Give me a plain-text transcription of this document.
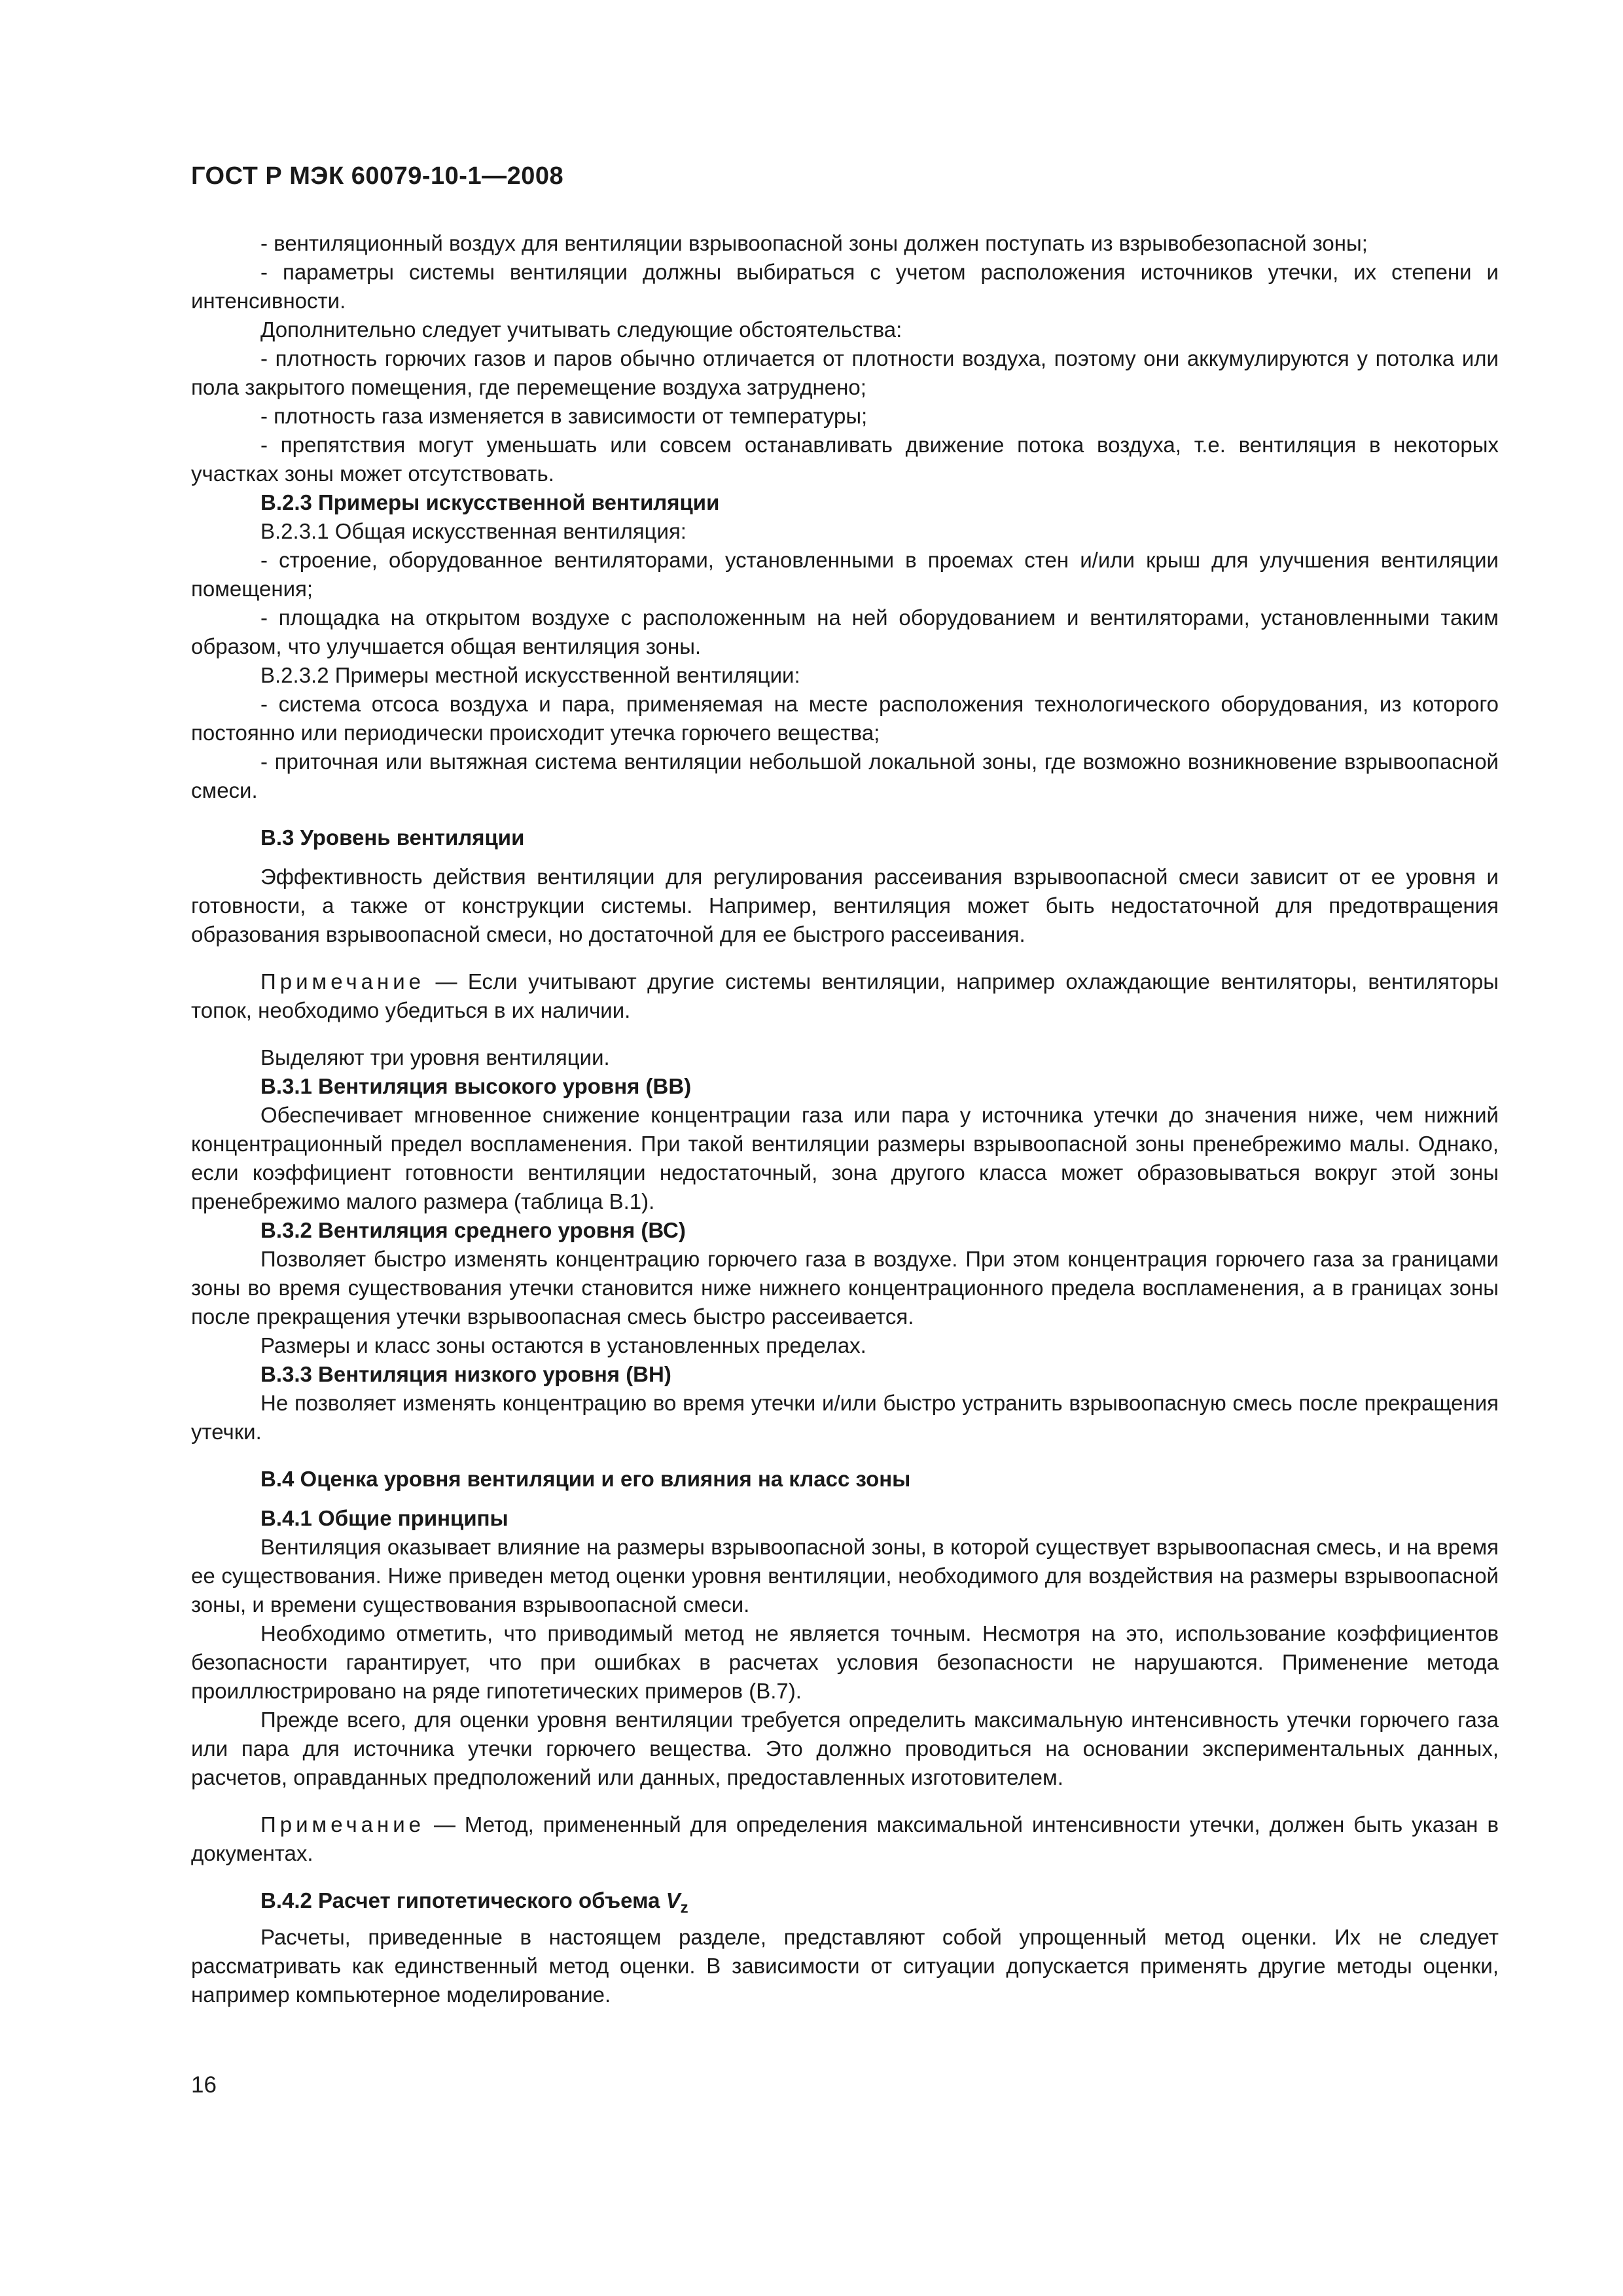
ГОСТ Р МЭК 60079-10-1—2008

- вентиляционный воздух для вентиляции взрывоопасной зоны должен поступать из взрывобезопасной зоны;

- параметры системы вентиляции должны выбираться с учетом расположения источников утечки, их степени и интенсивности.

Дополнительно следует учитывать следующие обстоятельства:

- плотность горючих газов и паров обычно отличается от плотности воздуха, поэтому они аккумулируются у потолка или пола закрытого помещения, где перемещение воздуха затруднено;

- плотность газа изменяется в зависимости от температуры;

- препятствия могут уменьшать или совсем останавливать движение потока воздуха, т.е. вентиляция в некоторых участках зоны может отсутствовать.

В.2.3 Примеры искусственной вентиляции

В.2.3.1 Общая искусственная вентиляция:

- строение, оборудованное вентиляторами, установленными в проемах стен и/или крыш для улучшения вентиляции помещения;

- площадка на открытом воздухе с расположенным на ней оборудованием и вентиляторами, установленными таким образом, что улучшается общая вентиляция зоны.

В.2.3.2 Примеры местной искусственной вентиляции:

- система отсоса воздуха и пара, применяемая на месте расположения технологического оборудования, из которого постоянно или периодически происходит утечка горючего вещества;

- приточная или вытяжная система вентиляции небольшой локальной зоны, где возможно возникновение взрывоопасной смеси.

В.3 Уровень вентиляции

Эффективность действия вентиляции для регулирования рассеивания взрывоопасной смеси зависит от ее уровня и готовности, а также от конструкции системы. Например, вентиляция может быть недостаточной для предотвращения образования взрывоопасной смеси, но достаточной для ее быстрого рассеивания.

Примечание — Если учитывают другие системы вентиляции, например охлаждающие вентиляторы, вентиляторы топок, необходимо убедиться в их наличии.

Выделяют три уровня вентиляции.

В.3.1 Вентиляция высокого уровня (ВВ)

Обеспечивает мгновенное снижение концентрации газа или пара у источника утечки до значения ниже, чем нижний концентрационный предел воспламенения. При такой вентиляции размеры взрывоопасной зоны пренебрежимо малы. Однако, если коэффициент готовности вентиляции недостаточный, зона другого класса может образовываться вокруг этой зоны пренебрежимо малого размера (таблица В.1).

В.3.2 Вентиляция среднего уровня (ВС)

Позволяет быстро изменять концентрацию горючего газа в воздухе. При этом концентрация горючего газа за границами зоны во время существования утечки становится ниже нижнего концентрационного предела воспламенения, а в границах зоны после прекращения утечки взрывоопасная смесь быстро рассеивается.

Размеры и класс зоны остаются в установленных пределах.

В.3.3 Вентиляция низкого уровня (ВН)

Не позволяет изменять концентрацию во время утечки и/или быстро устранить взрывоопасную смесь после прекращения утечки.

В.4 Оценка уровня вентиляции и его влияния на класс зоны

В.4.1 Общие принципы

Вентиляция оказывает влияние на размеры взрывоопасной зоны, в которой существует взрывоопасная смесь, и на время ее существования. Ниже приведен метод оценки уровня вентиляции, необходимого для воздействия на размеры взрывоопасной зоны, и времени существования взрывоопасной смеси.

Необходимо отметить, что приводимый метод не является точным. Несмотря на это, использование коэффициентов безопасности гарантирует, что при ошибках в расчетах условия безопасности не нарушаются. Применение метода проиллюстрировано на ряде гипотетических примеров (В.7).

Прежде всего, для оценки уровня вентиляции требуется определить максимальную интенсивность утечки горючего газа или пара для источника утечки горючего вещества. Это должно проводиться на основании экспериментальных данных, расчетов, оправданных предположений или данных, предоставленных изготовителем.

Примечание — Метод, примененный для определения максимальной интенсивности утечки, должен быть указан в документах.

В.4.2 Расчет гипотетического объема $V_z$

Расчеты, приведенные в настоящем разделе, представляют собой упрощенный метод оценки. Их не следует рассматривать как единственный метод оценки. В зависимости от ситуации допускается применять другие методы оценки, например компьютерное моделирование.

16
